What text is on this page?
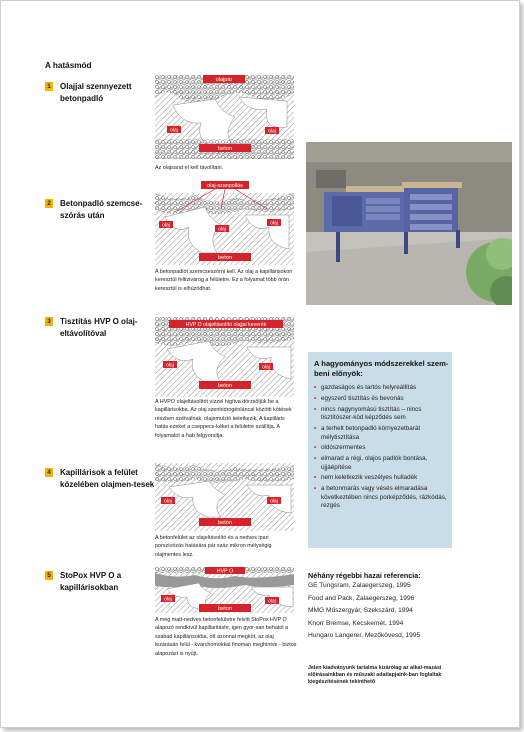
A hatásmód
1 Olajjal szennyezett betonpadló
olajpár
olaj	olaj
beton
Az olajsarat el kell távolítani.
2 Betonpadló szemcse-szórás után
olaj-szanpollás
olaj
olaj
olaj
beton
A betonpadlót szemcseszórni kell. Az olaj a kapillárisokon keresztül feltizivárog a felületre. Ez a folyamat több órán keresztül is elhúzódhat.
3 Tisztítás HVP O olaj-eltávolítóval
HVP O olajeltávolító olajjal keverék
olaj	olaj
beton
A HVPO olajeltávolítót vízzel higítva dörzsöljük be a kapillárisokba. Az olaj szenhidrogénláncai közötti kötések részben szétválnak, olajemulzió keletkezik. A kapilláris hatás ezeket a cseppecs-kéket a felületre szállítja. A folyamatot a hab felgyorsítja.
4 Kapillárisok a felület közelében olajmen-tesek
olaj	olaj
beton
A betonfelület az olajeltávolító és a nedves ipari porszívózás hatására pár száz mikron mélységig olajmentes lesz.
5 StoPox HVP O a kapillárisokban
HVP O
olaj	olaj
beton
A még matt-nedves betonfelületre felvitt StoPox HVP O alapozó rendkívül kapillaritáshr, igen gyor-san behatol a szabad kapillárisokba, ott azonnal megköt, az olaj lezárásán felül - kvarchomokkal finoman meghintve - biztos alapozást is nyújt.
A hagyományos módszerekkel szem-beni előnyök:
• gazdaságos és tartós helyreállítás
• egyszerű tisztítás és bevonás
• nincs nagynyomású tisztítás – nincs tisztítószer-köd képződés sem
• a terhelt betonpadló környezetbarát mélytisztítása
• oldószermentes
• elmarad a régi, olajos padlók bontása, újjáépítése
• nem keletkezik veszélyes hulladék
• a betonmarás vagy vésés elmaradása következtében nincs porképződés, rázkódás, rezgés
Néhány régebbi hazai referencia:
GE Tungsram, Zalaegerszeg, 1995
Food and Pack, Zalaegerszeg, 1996
MMG Műszergyár, Szekszárd, 1994
Knorr Bremse, Kecskemét, 1994
Hungaro Langerer, Mezőkövesd, 1995
Jelen kiadványunk tartalma kizárólag az alkal-mazási előírásainkban és műszaki adatlapjaink-ban foglaltak kiegészítésének tekinthető
